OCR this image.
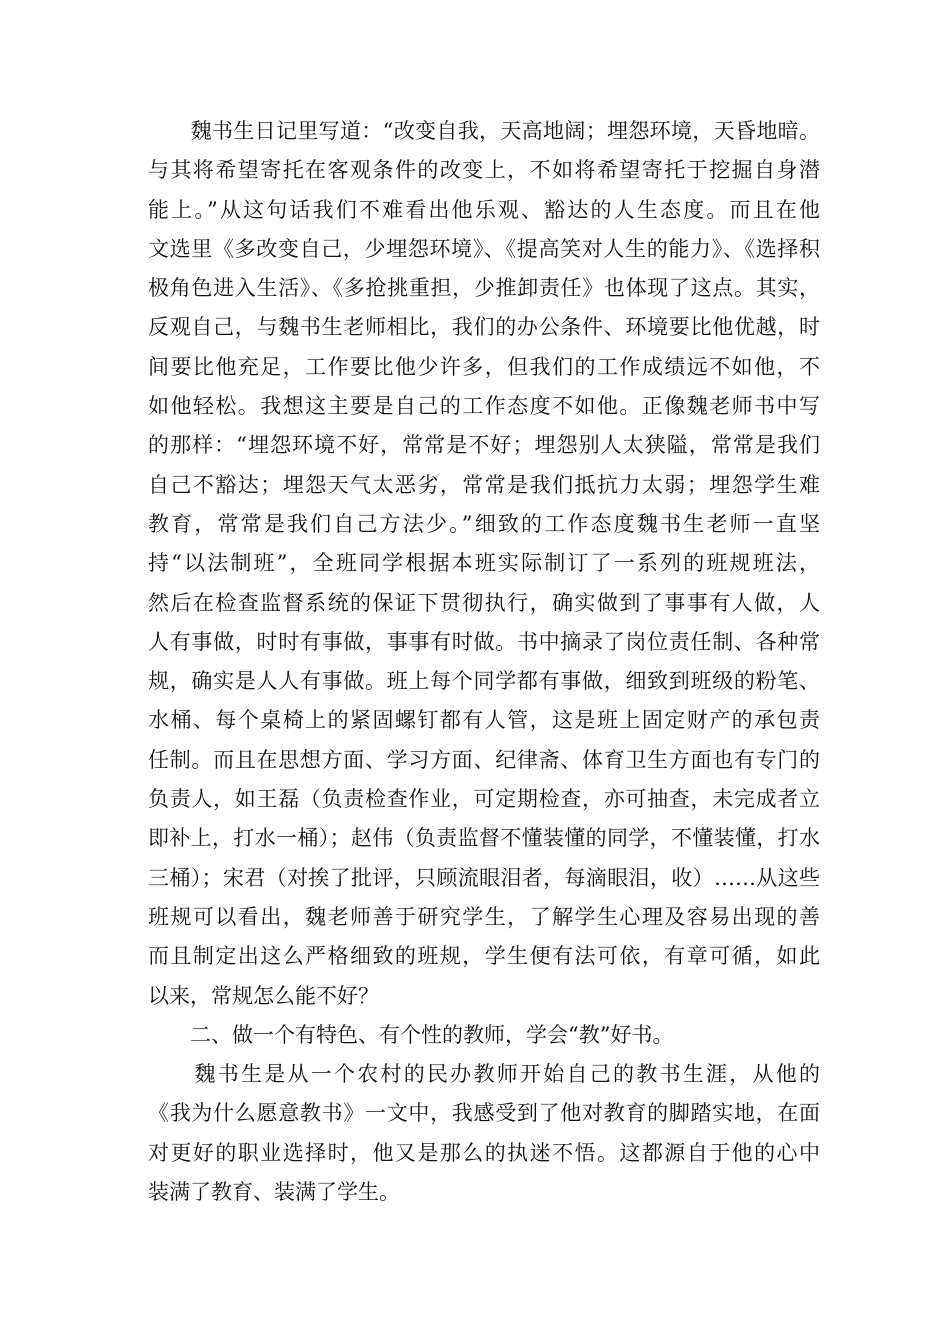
　　魏书生日记里写道：“改变自我，天高地阔；埋怨环境，天昏地暗。
与其将希望寄托在客观条件的改变上，不如将希望寄托于挖掘自身潜
能上。”从这句话我们不难看出他乐观、豁达的人生态度。而且在他
文选里《多改变自己，少埋怨环境》、《提高笑对人生的能力》、《选择积
极角色进入生活》、《多抢挑重担，少推卸责任》也体现了这点。其实，
反观自己，与魏书生老师相比，我们的办公条件、环境要比他优越，时
间要比他充足，工作要比他少许多，但我们的工作成绩远不如他，不
如他轻松。我想这主要是自己的工作态度不如他。正像魏老师书中写
的那样：“埋怨环境不好，常常是不好；埋怨别人太狭隘，常常是我们
自己不豁达；埋怨天气太恶劣，常常是我们抵抗力太弱；埋怨学生难
教育，常常是我们自己方法少。”细致的工作态度魏书生老师一直坚
持“以法制班”，全班同学根据本班实际制订了一系列的班规班法，
然后在检查监督系统的保证下贯彻执行，确实做到了事事有人做，人
人有事做，时时有事做，事事有时做。书中摘录了岗位责任制、各种常
规，确实是人人有事做。班上每个同学都有事做，细致到班级的粉笔、
水桶、每个桌椅上的紧固螺钉都有人管，这是班上固定财产的承包责
任制。而且在思想方面、学习方面、纪律斋、体育卫生方面也有专门的
负责人，如王磊（负责检查作业，可定期检查，亦可抽查，未完成者立
即补上，打水一桶）；赵伟（负责监督不懂装懂的同学，不懂装懂，打水
三桶）；宋君（对挨了批评，只顾流眼泪者，每滴眼泪，收）……从这些
班规可以看出，魏老师善于研究学生，了解学生心理及容易出现的善
而且制定出这么严格细致的班规，学生便有法可依，有章可循，如此
以来，常规怎么能不好？
　　二、做一个有特色、有个性的教师，学会“教”好书。
　　魏书生是从一个农村的民办教师开始自己的教书生涯，从他的
《我为什么愿意教书》一文中，我感受到了他对教育的脚踏实地，在面
对更好的职业选择时，他又是那么的执迷不悟。这都源自于他的心中
装满了教育、装满了学生。
